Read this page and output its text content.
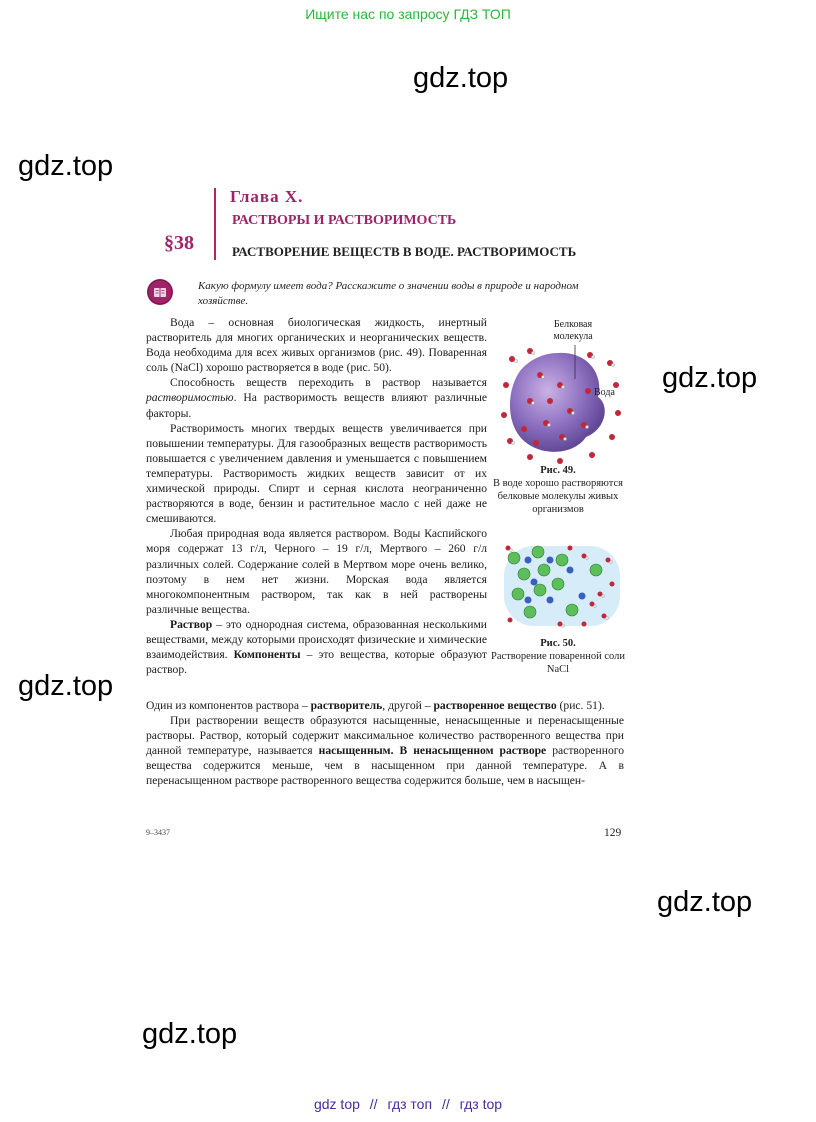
Ищите нас по запросу ГДЗ ТОП
gdz.top
gdz.top
gdz.top
gdz.top
gdz.top
gdz.top
Глава X.
РАСТВОРЫ И РАСТВОРИМОСТЬ
§38	РАСТВОРЕНИЕ ВЕЩЕСТВ В ВОДЕ. РАСТВОРИМОСТЬ
Какую формулу имеет вода? Расскажите о значении воды в природе и народном хозяйстве.

Вода – основная биологическая жидкость, инертный растворитель для многих органических и неорганических веществ. Вода необходима для всех живых организмов (рис. 49). Поваренная соль (NaCl) хорошо растворяется в воде (рис. 50).

Способность веществ переходить в раствор называется растворимостью. На растворимость веществ влияют различные факторы.

Растворимость многих твердых веществ увеличивается при повышении температуры. Для газообразных веществ растворимость повышается с увеличением давления и уменьшается с повышением температуры. Растворимость жидких веществ зависит от их химической природы. Спирт и серная кислота неограниченно растворяются в воде, бензин и растительное масло с ней даже не смешиваются.

Любая природная вода является раствором. Воды Каспийского моря содержат 13 г/л, Черного – 19 г/л, Мертвого – 260 г/л различных солей. Содержание солей в Мертвом море очень велико, поэтому в нем нет жизни. Морская вода является многокомпонентным раствором, так как в ней растворены различные вещества.

Раствор – это однородная система, образованная несколькими веществами, между которыми происходят физические и химические взаимодействия. Компоненты – это вещества, которые образуют раствор.

Один из компонентов раствора – растворитель, другой – растворенное вещество (рис. 51).

При растворении веществ образуются насыщенные, ненасыщенные и перенасыщенные растворы. Раствор, который содержит максимальное количество растворенного вещества при данной температуре, называется насыщенным. В ненасыщенном растворе растворенного вещества содержится меньше, чем в насыщенном при данной температуре. А в перенасыщенном растворе растворенного вещества содержится больше, чем в насыщен-

Белковая молекула
Вода
Рис. 49.
В воде хорошо растворяются белковые молекулы живых организмов
Рис. 50.
Растворение поваренной соли NaCl
9–3437	129
gdz top // гдз топ // гдз top
